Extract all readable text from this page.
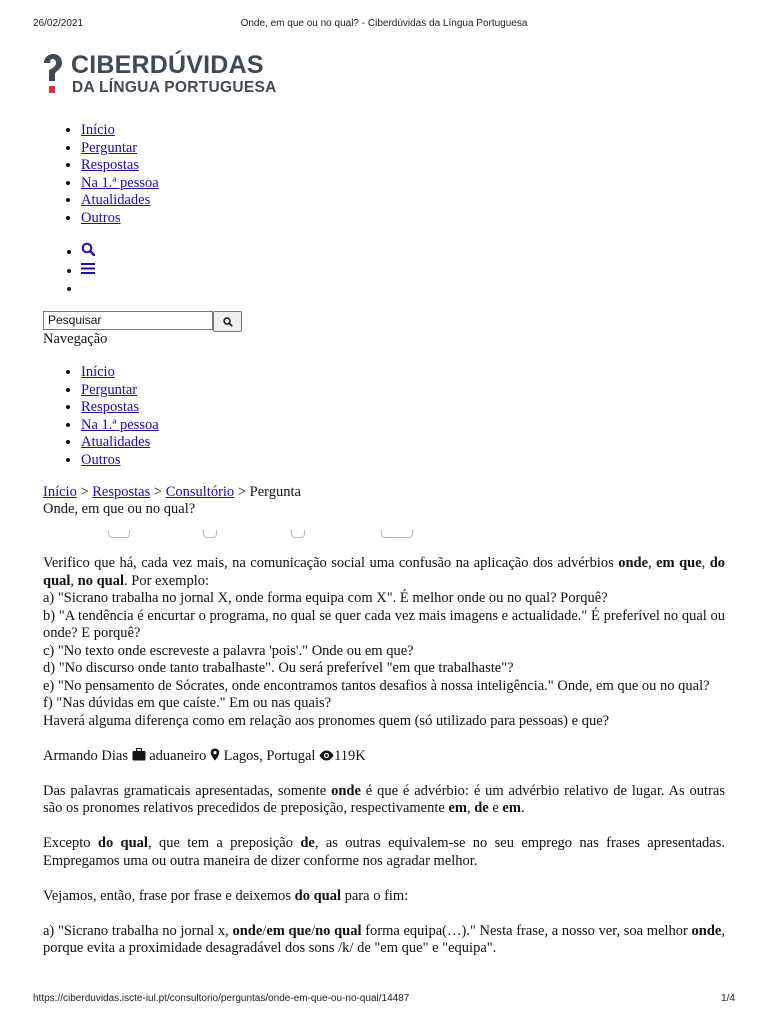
26/02/2021	Onde, em que ou no qual? - Ciberdúvidas da Língua Portuguesa
CIBERDÚVIDAS
DA LÍNGUA PORTUGUESA
• Início
• Perguntar
• Respostas
• Na 1.ª pessoa
• Atualidades
• Outros
•
•
•
Pesquisar
Navegação
• Início
• Perguntar
• Respostas
• Na 1.ª pessoa
• Atualidades
• Outros
Início > Respostas > Consultório > Pergunta
Onde, em que ou no qual?

Verifico que há, cada vez mais, na comunicação social uma confusão na aplicação dos advérbios onde, em que, do qual, no qual. Por exemplo:

a) "Sicrano trabalha no jornal X, onde forma equipa com X". É melhor onde ou no qual? Porquê?

b) "A tendência é encurtar o programa, no qual se quer cada vez mais imagens e actualidade." É preferível no qual ou onde? E porquê?

c) "No texto onde escreveste a palavra 'pois'." Onde ou em que?

d) "No discurso onde tanto trabalhaste". Ou será preferível "em que trabalhaste"?

e) "No pensamento de Sócrates, onde encontramos tantos desafios à nossa inteligência." Onde, em que ou no qual?

f) "Nas dúvidas em que caíste." Em ou nas quais?

Haverá alguma diferença como em relação aos pronomes quem (só utilizado para pessoas) e que?

Armando Dias aduaneiro Lagos, Portugal 119K

Das palavras gramaticais apresentadas, somente onde é que é advérbio: é um advérbio relativo de lugar. As outras são os pronomes relativos precedidos de preposição, respectivamente em, de e em.

Excepto do qual, que tem a preposição de, as outras equivalem-se no seu emprego nas frases apresentadas. Empregamos uma ou outra maneira de dizer conforme nos agradar melhor.

Vejamos, então, frase por frase e deixemos do qual para o fim:

a) "Sicrano trabalha no jornal x, onde/em que/no qual forma equipa(…)." Nesta frase, a nosso ver, soa melhor onde, porque evita a proximidade desagradável dos sons /k/ de "em que" e "equipa".

https://ciberduvidas.iscte-iul.pt/consultorio/perguntas/onde-em-que-ou-no-qual/14487	1/4
